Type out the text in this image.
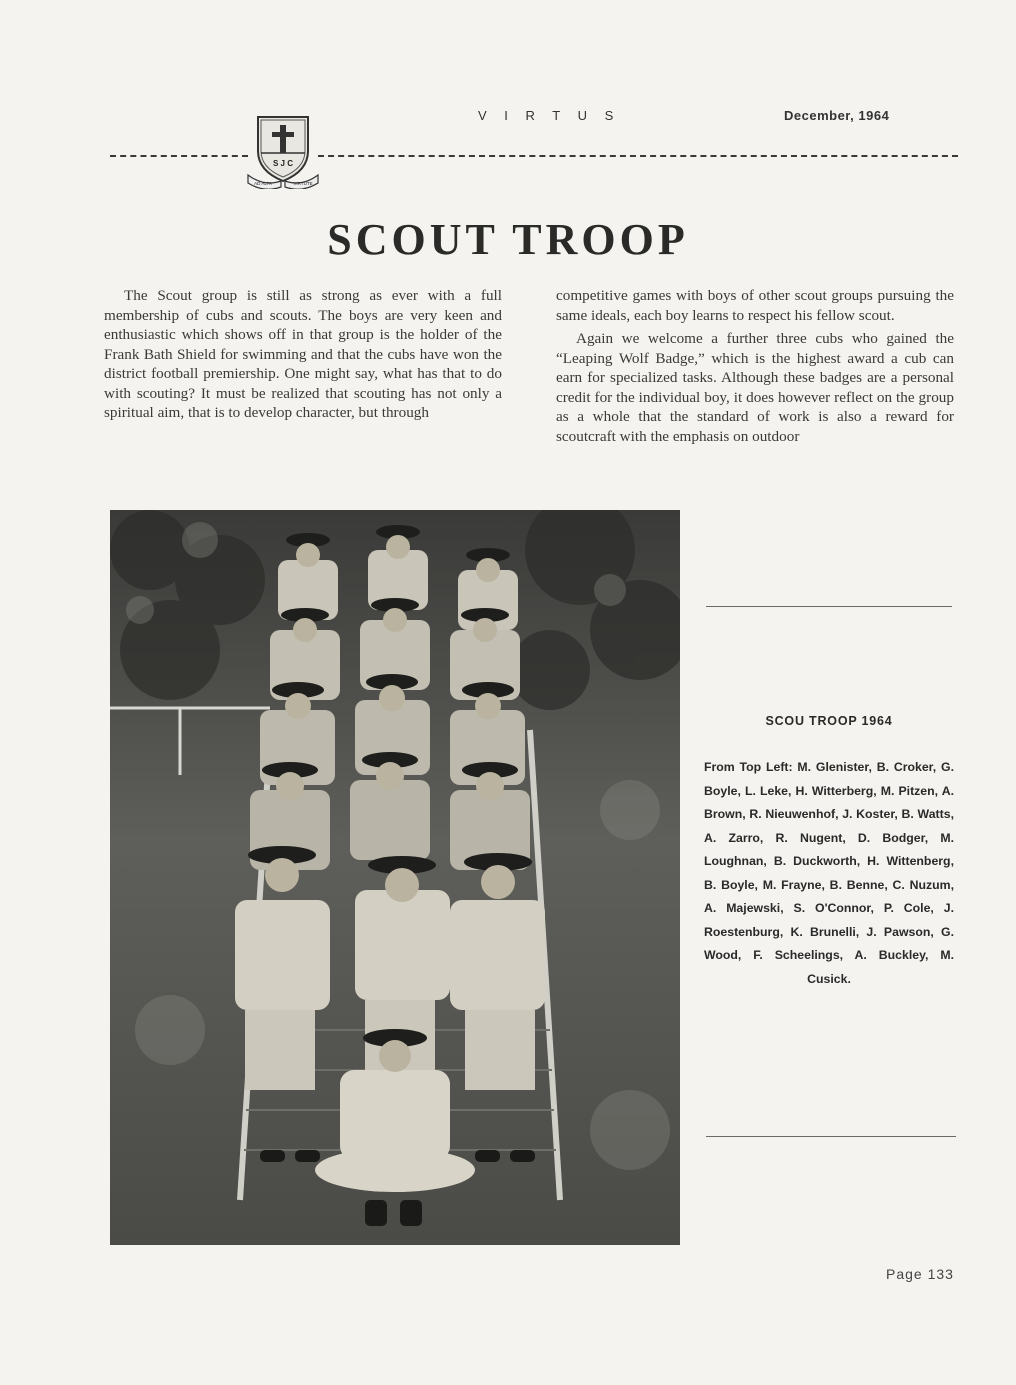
V I R T U S	December, 1964
S J C
AD ALTA	VIRTUTE
SCOUT TROOP

The Scout group is still as strong as ever with a full membership of cubs and scouts. The boys are very keen and enthusiastic which shows off in that group is the holder of the Frank Bath Shield for swimming and that the cubs have won the district football premiership. One might say, what has that to do with scouting? It must be realized that scouting has not only a spiritual aim, that is to develop character, but through

competitive games with boys of other scout groups pursuing the same ideals, each boy learns to respect his fellow scout.

Again we welcome a further three cubs who gained the “Leaping Wolf Badge,” which is the highest award a cub can earn for specialized tasks. Although these badges are a personal credit for the individual boy, it does however reflect on the group as a whole that the standard of work is also a reward for scoutcraft with the emphasis on outdoor

SCOU TROOP 1964
From Top Left: M. Glenister, B. Croker, G. Boyle, L. Leke, H. Witterberg, M. Pitzen, A. Brown, R. Nieuwenhof, J. Koster, B. Watts, A. Zarro, R. Nugent, D. Bodger, M. Loughnan, B. Duckworth, H. Wittenberg, B. Boyle, M. Frayne, B. Benne, C. Nuzum, A. Majewski, S. O'Connor, P. Cole, J. Roestenburg, K. Brunelli, J. Pawson, G. Wood, F. Scheelings, A. Buckley, M. Cusick.
Page 133
